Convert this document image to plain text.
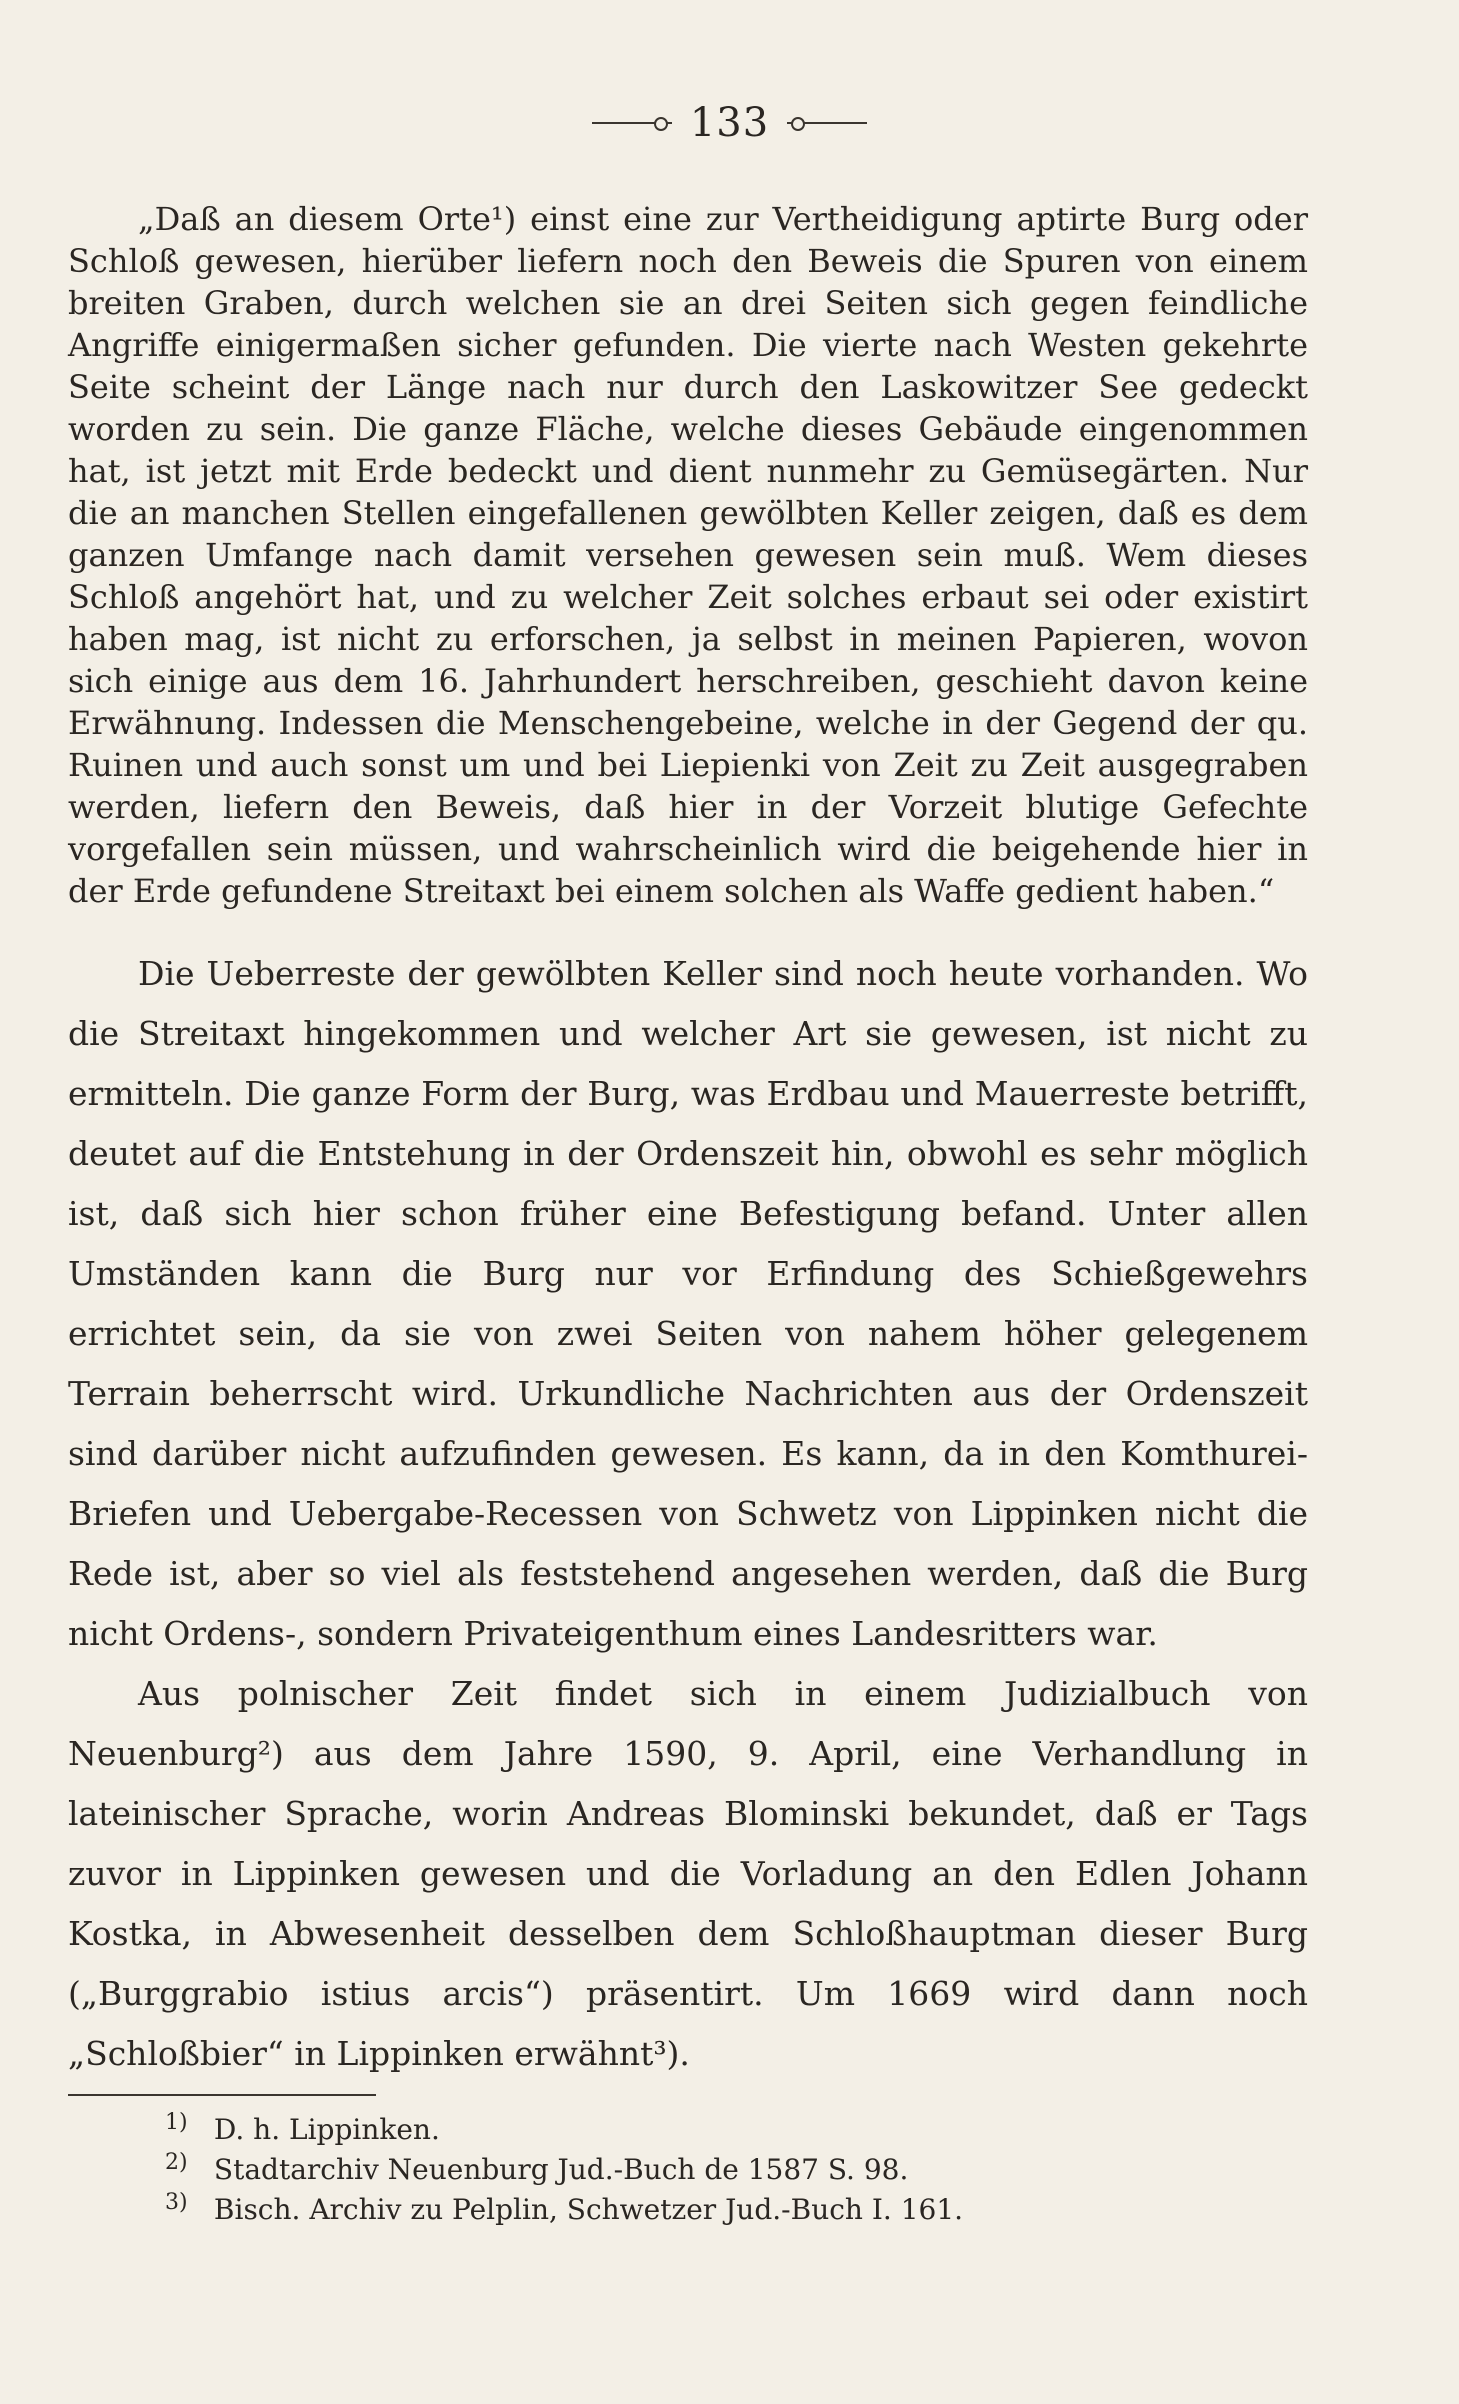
133
„Daß an diesem Orte¹) einst eine zur Vertheidigung aptirte Burg oder Schloß gewesen, hierüber liefern noch den Beweis die Spuren von einem breiten Graben, durch welchen sie an drei Seiten sich gegen feindliche Angriffe einigermaßen sicher gefunden. Die vierte nach Westen gekehrte Seite scheint der Länge nach nur durch den Laskowitzer See gedeckt worden zu sein. Die ganze Fläche, welche dieses Gebäude eingenommen hat, ist jetzt mit Erde bedeckt und dient nunmehr zu Gemüsegärten. Nur die an manchen Stellen eingefallenen gewölbten Keller zeigen, daß es dem ganzen Umfange nach damit versehen gewesen sein muß. Wem dieses Schloß angehört hat, und zu welcher Zeit solches erbaut sei oder existirt haben mag, ist nicht zu erforschen, ja selbst in meinen Papieren, wovon sich einige aus dem 16. Jahrhundert herschreiben, geschieht davon keine Erwähnung. Indessen die Menschengebeine, welche in der Gegend der qu. Ruinen und auch sonst um und bei Liepienki von Zeit zu Zeit ausgegraben werden, liefern den Beweis, daß hier in der Vorzeit blutige Gefechte vorgefallen sein müssen, und wahrscheinlich wird die beigehende hier in der Erde gefundene Streitaxt bei einem solchen als Waffe gedient haben.“

Die Ueberreste der gewölbten Keller sind noch heute vorhanden. Wo die Streitaxt hingekommen und welcher Art sie gewesen, ist nicht zu ermitteln. Die ganze Form der Burg, was Erdbau und Mauerreste betrifft, deutet auf die Entstehung in der Ordenszeit hin, obwohl es sehr möglich ist, daß sich hier schon früher eine Befestigung befand. Unter allen Umständen kann die Burg nur vor Erfindung des Schießgewehrs errichtet sein, da sie von zwei Seiten von nahem höher gelegenem Terrain beherrscht wird. Urkundliche Nachrichten aus der Ordenszeit sind darüber nicht aufzufinden gewesen. Es kann, da in den Komthurei-Briefen und Uebergabe-Recessen von Schwetz von Lippinken nicht die Rede ist, aber so viel als feststehend angesehen werden, daß die Burg nicht Ordens-, sondern Privateigenthum eines Landesritters war.

Aus polnischer Zeit findet sich in einem Judizialbuch von Neuenburg²) aus dem Jahre 1590, 9. April, eine Verhandlung in lateinischer Sprache, worin Andreas Blominski bekundet, daß er Tags zuvor in Lippinken gewesen und die Vorladung an den Edlen Johann Kostka, in Abwesenheit desselben dem Schloßhauptman dieser Burg („Burggrabio istius arcis“) präsentirt. Um 1669 wird dann noch „Schloßbier“ in Lippinken erwähnt³).

1) D. h. Lippinken.
2) Stadtarchiv Neuenburg Jud.-Buch de 1587 S. 98.
3) Bisch. Archiv zu Pelplin, Schwetzer Jud.-Buch I. 161.
